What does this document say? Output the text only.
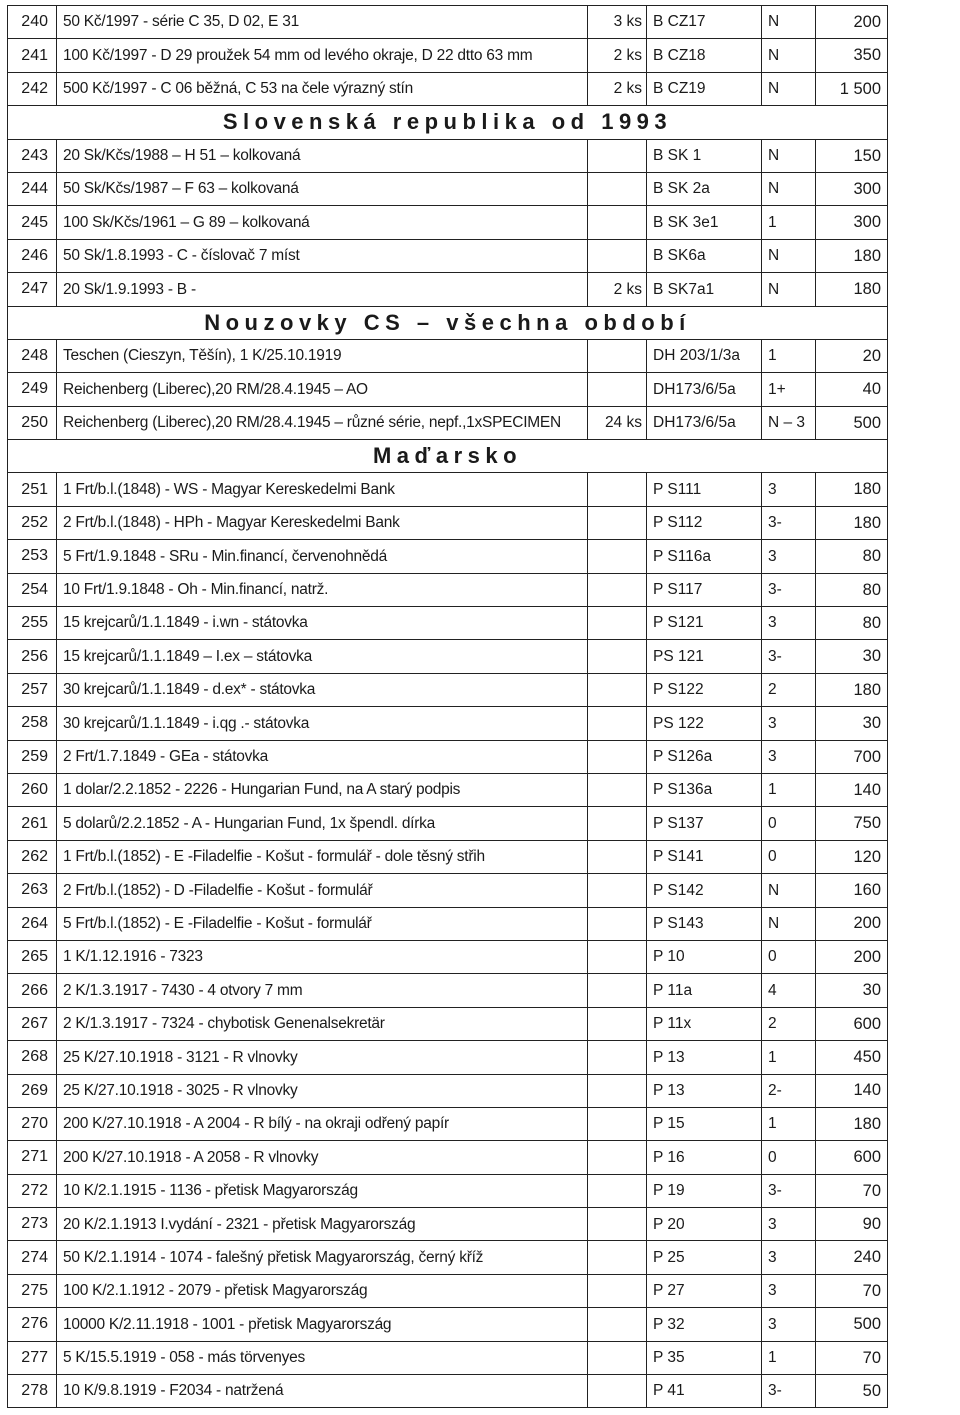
240	50 Kč/1997 - série C 35, D 02, E 31	3 ks	B CZ17	N	200
241	100 Kč/1997 - D 29 proužek 54 mm od levého okraje, D 22 dtto 63 mm	2 ks	B CZ18	N	350
242	500 Kč/1997 - C 06 běžná, C 53 na čele výrazný stín	2 ks	B CZ19	N	1 500
Slovenská republika od 1993					
243	20 Sk/Kčs/1988 – H 51 – kolkovaná		B SK 1	N	150
244	50 Sk/Kčs/1987 – F 63 – kolkovaná		B SK 2a	N	300
245	100 Sk/Kčs/1961 – G 89 – kolkovaná		B SK 3e1	1	300
246	50 Sk/1.8.1993 - C - číslovač 7 míst		B SK6a	N	180
247	20 Sk/1.9.1993 - B -	2 ks	B SK7a1	N	180
Nouzovky CS – všechna období					
248	Teschen (Cieszyn, Těšín), 1 K/25.10.1919		DH 203/1/3a	1	20
249	Reichenberg (Liberec),20 RM/28.4.1945 – AO		DH173/6/5a	1+	40
250	Reichenberg (Liberec),20 RM/28.4.1945 – různé série, nepf.,1xSPECIMEN	24 ks	DH173/6/5a	N – 3	500
Maďarsko					
251	1 Frt/b.l.(1848) - WS - Magyar Kereskedelmi Bank		P S111	3	180
252	2 Frt/b.l.(1848) - HPh - Magyar Kereskedelmi Bank		P S112	3-	180
253	5 Frt/1.9.1848 - SRu - Min.financí, červenohnědá		P S116a	3	80
254	10 Frt/1.9.1848 - Oh - Min.financí, natrž.		P S117	3-	80
255	15 krejcarů/1.1.1849 - i.wn - státovka		P S121	3	80
256	15 krejcarů/1.1.1849 – I.ex – státovka		PS 121	3-	30
257	30 krejcarů/1.1.1849 - d.ex* - státovka		P S122	2	180
258	30 krejcarů/1.1.1849 - i.qg .- státovka		PS 122	3	30
259	2 Frt/1.7.1849 - GEa - státovka		P S126a	3	700
260	1 dolar/2.2.1852 - 2226 - Hungarian Fund, na A starý podpis		P S136a	1	140
261	5 dolarů/2.2.1852 - A - Hungarian Fund, 1x špendl. dírka		P S137	0	750
262	1 Frt/b.l.(1852) - E -Filadelfie - Košut - formulář - dole těsný střih		P S141	0	120
263	2 Frt/b.l.(1852) - D -Filadelfie - Košut - formulář		P S142	N	160
264	5 Frt/b.l.(1852) - E -Filadelfie - Košut - formulář		P S143	N	200
265	1 K/1.12.1916 - 7323		P 10	0	200
266	2 K/1.3.1917 - 7430 - 4 otvory 7 mm		P 11a	4	30
267	2 K/1.3.1917 - 7324 - chybotisk Genenalsekretär		P 11x	2	600
268	25 K/27.10.1918 - 3121 - R vlnovky		P 13	1	450
269	25 K/27.10.1918 - 3025 - R vlnovky		P 13	2-	140
270	200 K/27.10.1918 - A 2004 - R bílý - na okraji odřený papír		P 15	1	180
271	200 K/27.10.1918 - A 2058 - R vlnovky		P 16	0	600
272	10 K/2.1.1915 - 1136 - přetisk Magyarország		P 19	3-	70
273	20 K/2.1.1913 I.vydání - 2321 - přetisk Magyarország		P 20	3	90
274	50 K/2.1.1914 - 1074 - falešný přetisk Magyarország, černý kříž		P 25	3	240
275	100 K/2.1.1912 - 2079 - přetisk Magyarország		P 27	3	70
276	10000 K/2.11.1918 - 1001 - přetisk Magyarország		P 32	3	500
277	5 K/15.5.1919 - 058 - más törvenyes		P 35	1	70
278	10 K/9.8.1919 - F2034 - natržená		P 41	3-	50
